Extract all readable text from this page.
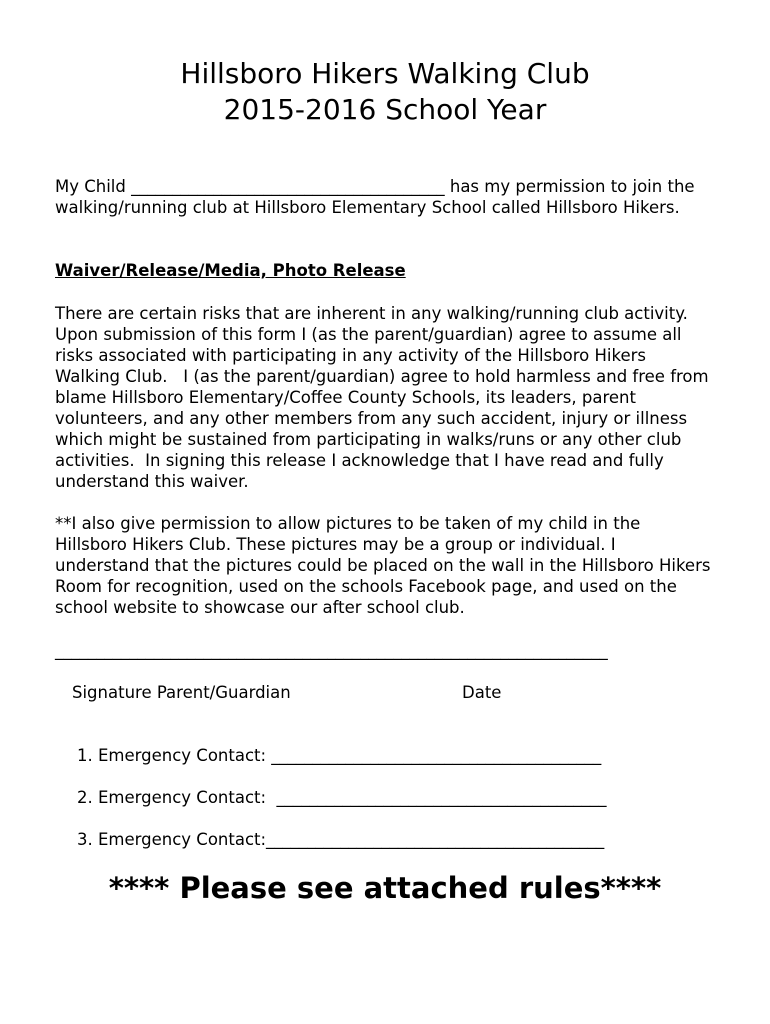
Hillsboro Hikers Walking Club
2015-2016 School Year

My Child ______________________________________ has my permission to join the walking/running club at Hillsboro Elementary School called Hillsboro Hikers.

Waiver/Release/Media, Photo Release

There are certain risks that are inherent in any walking/running club activity.  Upon submission of this form I (as the parent/guardian) agree to assume all risks associated with participating in any activity of the Hillsboro Hikers Walking Club.   I (as the parent/guardian) agree to hold harmless and free from blame Hillsboro Elementary/Coffee County Schools, its leaders, parent volunteers, and any other members from any such accident, injury or illness which might be sustained from participating in walks/runs or any other club activities.  In signing this release I acknowledge that I have read and fully understand this waiver.

**I also give permission to allow pictures to be taken of my child in the Hillsboro Hikers Club. These pictures may be a group or individual. I understand that the pictures could be placed on the wall in the Hillsboro Hikers Room for recognition, used on the schools Facebook page, and used on the school website to showcase our after school club.

___________________________________________________________________

Signature Parent/Guardian	Date

1. Emergency Contact: ________________________________________

2. Emergency Contact:  ________________________________________

3. Emergency Contact:_________________________________________

**** Please see attached rules****
